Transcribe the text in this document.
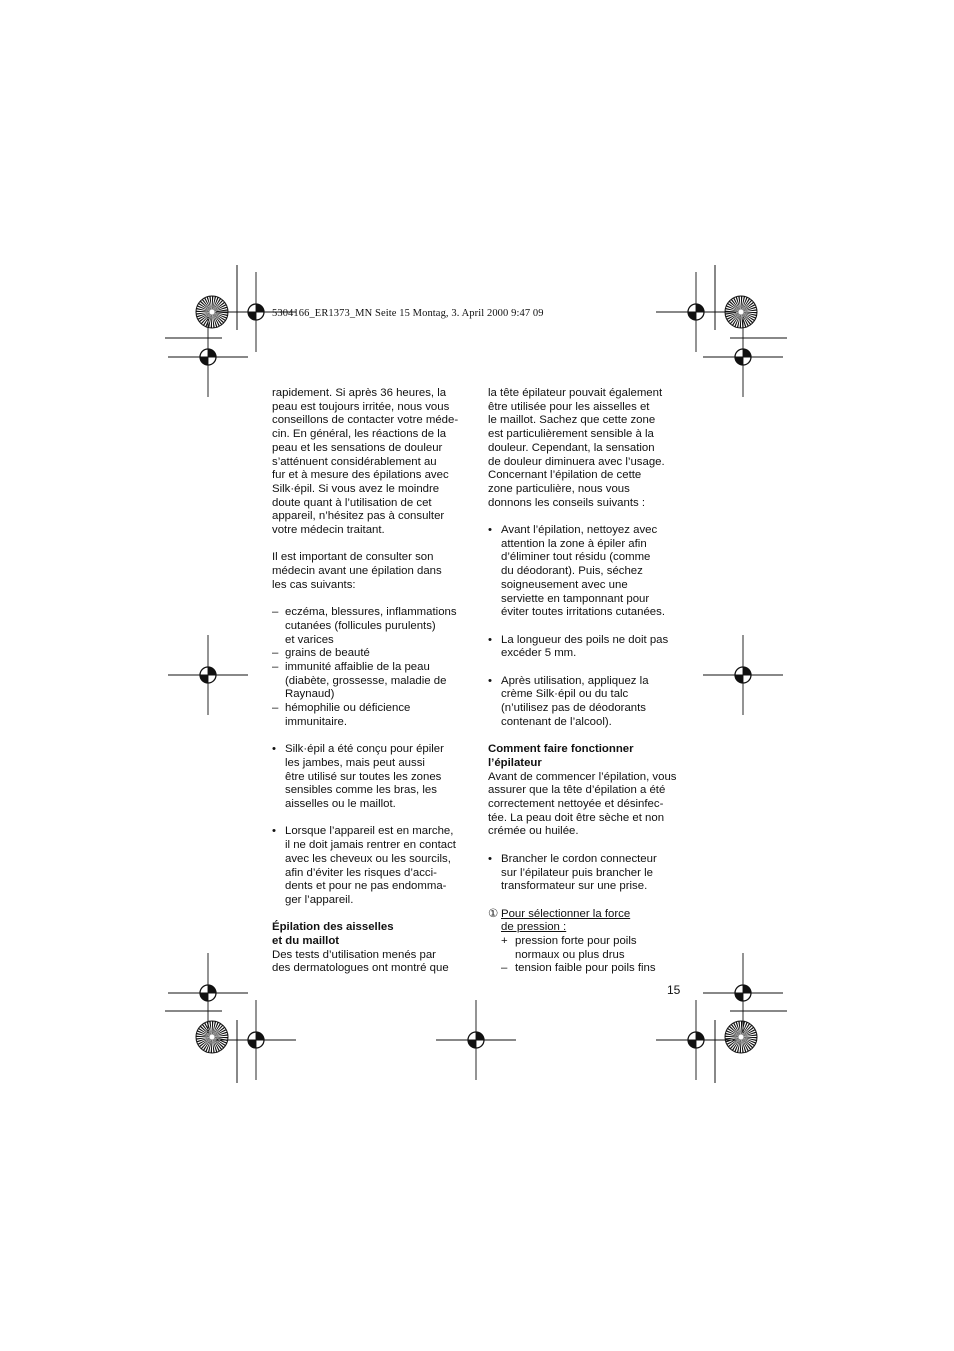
5304166_ER1373_MN Seite 15 Montag, 3. April 2000 9:47 09

rapidement. Si après 36 heures, la

peau est toujours irritée, nous vous

conseillons de contacter votre méde-

cin. En général, les réactions de la

peau et les sensations de douleur

s’atténuent considérablement au

fur et à mesure des épilations avec

Silk·épil. Si vous avez le moindre

doute quant à l’utilisation de cet

appareil, n’hésitez pas à consulter

votre médecin traitant.

Il est important de consulter son

médecin avant une épilation dans

les cas suivants:

– eczéma, blessures, inflammations

cutanées (follicules purulents)

et varices

– grains de beauté

– immunité affaiblie de la peau

(diabète, grossesse, maladie de

Raynaud)

– hémophilie ou déficience

immunitaire.

• Silk·épil a été conçu pour épiler

les jambes, mais peut aussi

être utilisé sur toutes les zones

sensibles comme les bras, les

aisselles ou le maillot.

• Lorsque l’appareil est en marche,

il ne doit jamais rentrer en contact

avec les cheveux ou les sourcils,

afin d’éviter les risques d’acci-

dents et pour ne pas endomma-

ger l’appareil.

Épilation des aisselles

et du maillot

Des tests d’utilisation menés par

des dermatologues ont montré que

la tête épilateur pouvait également

être utilisée pour les aisselles et

le maillot. Sachez que cette zone

est particulièrement sensible à la

douleur. Cependant, la sensation

de douleur diminuera avec l’usage.

Concernant l’épilation de cette

zone particulière, nous vous

donnons les conseils suivants :

• Avant l’épilation, nettoyez avec

attention la zone à épiler afin

d’éliminer tout résidu (comme

du déodorant). Puis, séchez

soigneusement avec une

serviette en tamponnant pour

éviter toutes irritations cutanées.

• La longueur des poils ne doit pas

excéder 5 mm.

• Après utilisation, appliquez la

crème Silk·épil ou du talc

(n’utilisez pas de déodorants

contenant de l’alcool).

Comment faire fonctionner

l’épilateur

Avant de commencer l’épilation, vous

assurer que la tête d’épilation a été

correctement nettoyée et désinfec-

tée. La peau doit être sèche et non

crémée ou huilée.

• Brancher le cordon connecteur

sur l’épilateur puis brancher le

transformateur sur une prise.

① Pour sélectionner la force

de pression :

+ pression forte pour poils

normaux ou plus drus

– tension faible pour poils fins

15
